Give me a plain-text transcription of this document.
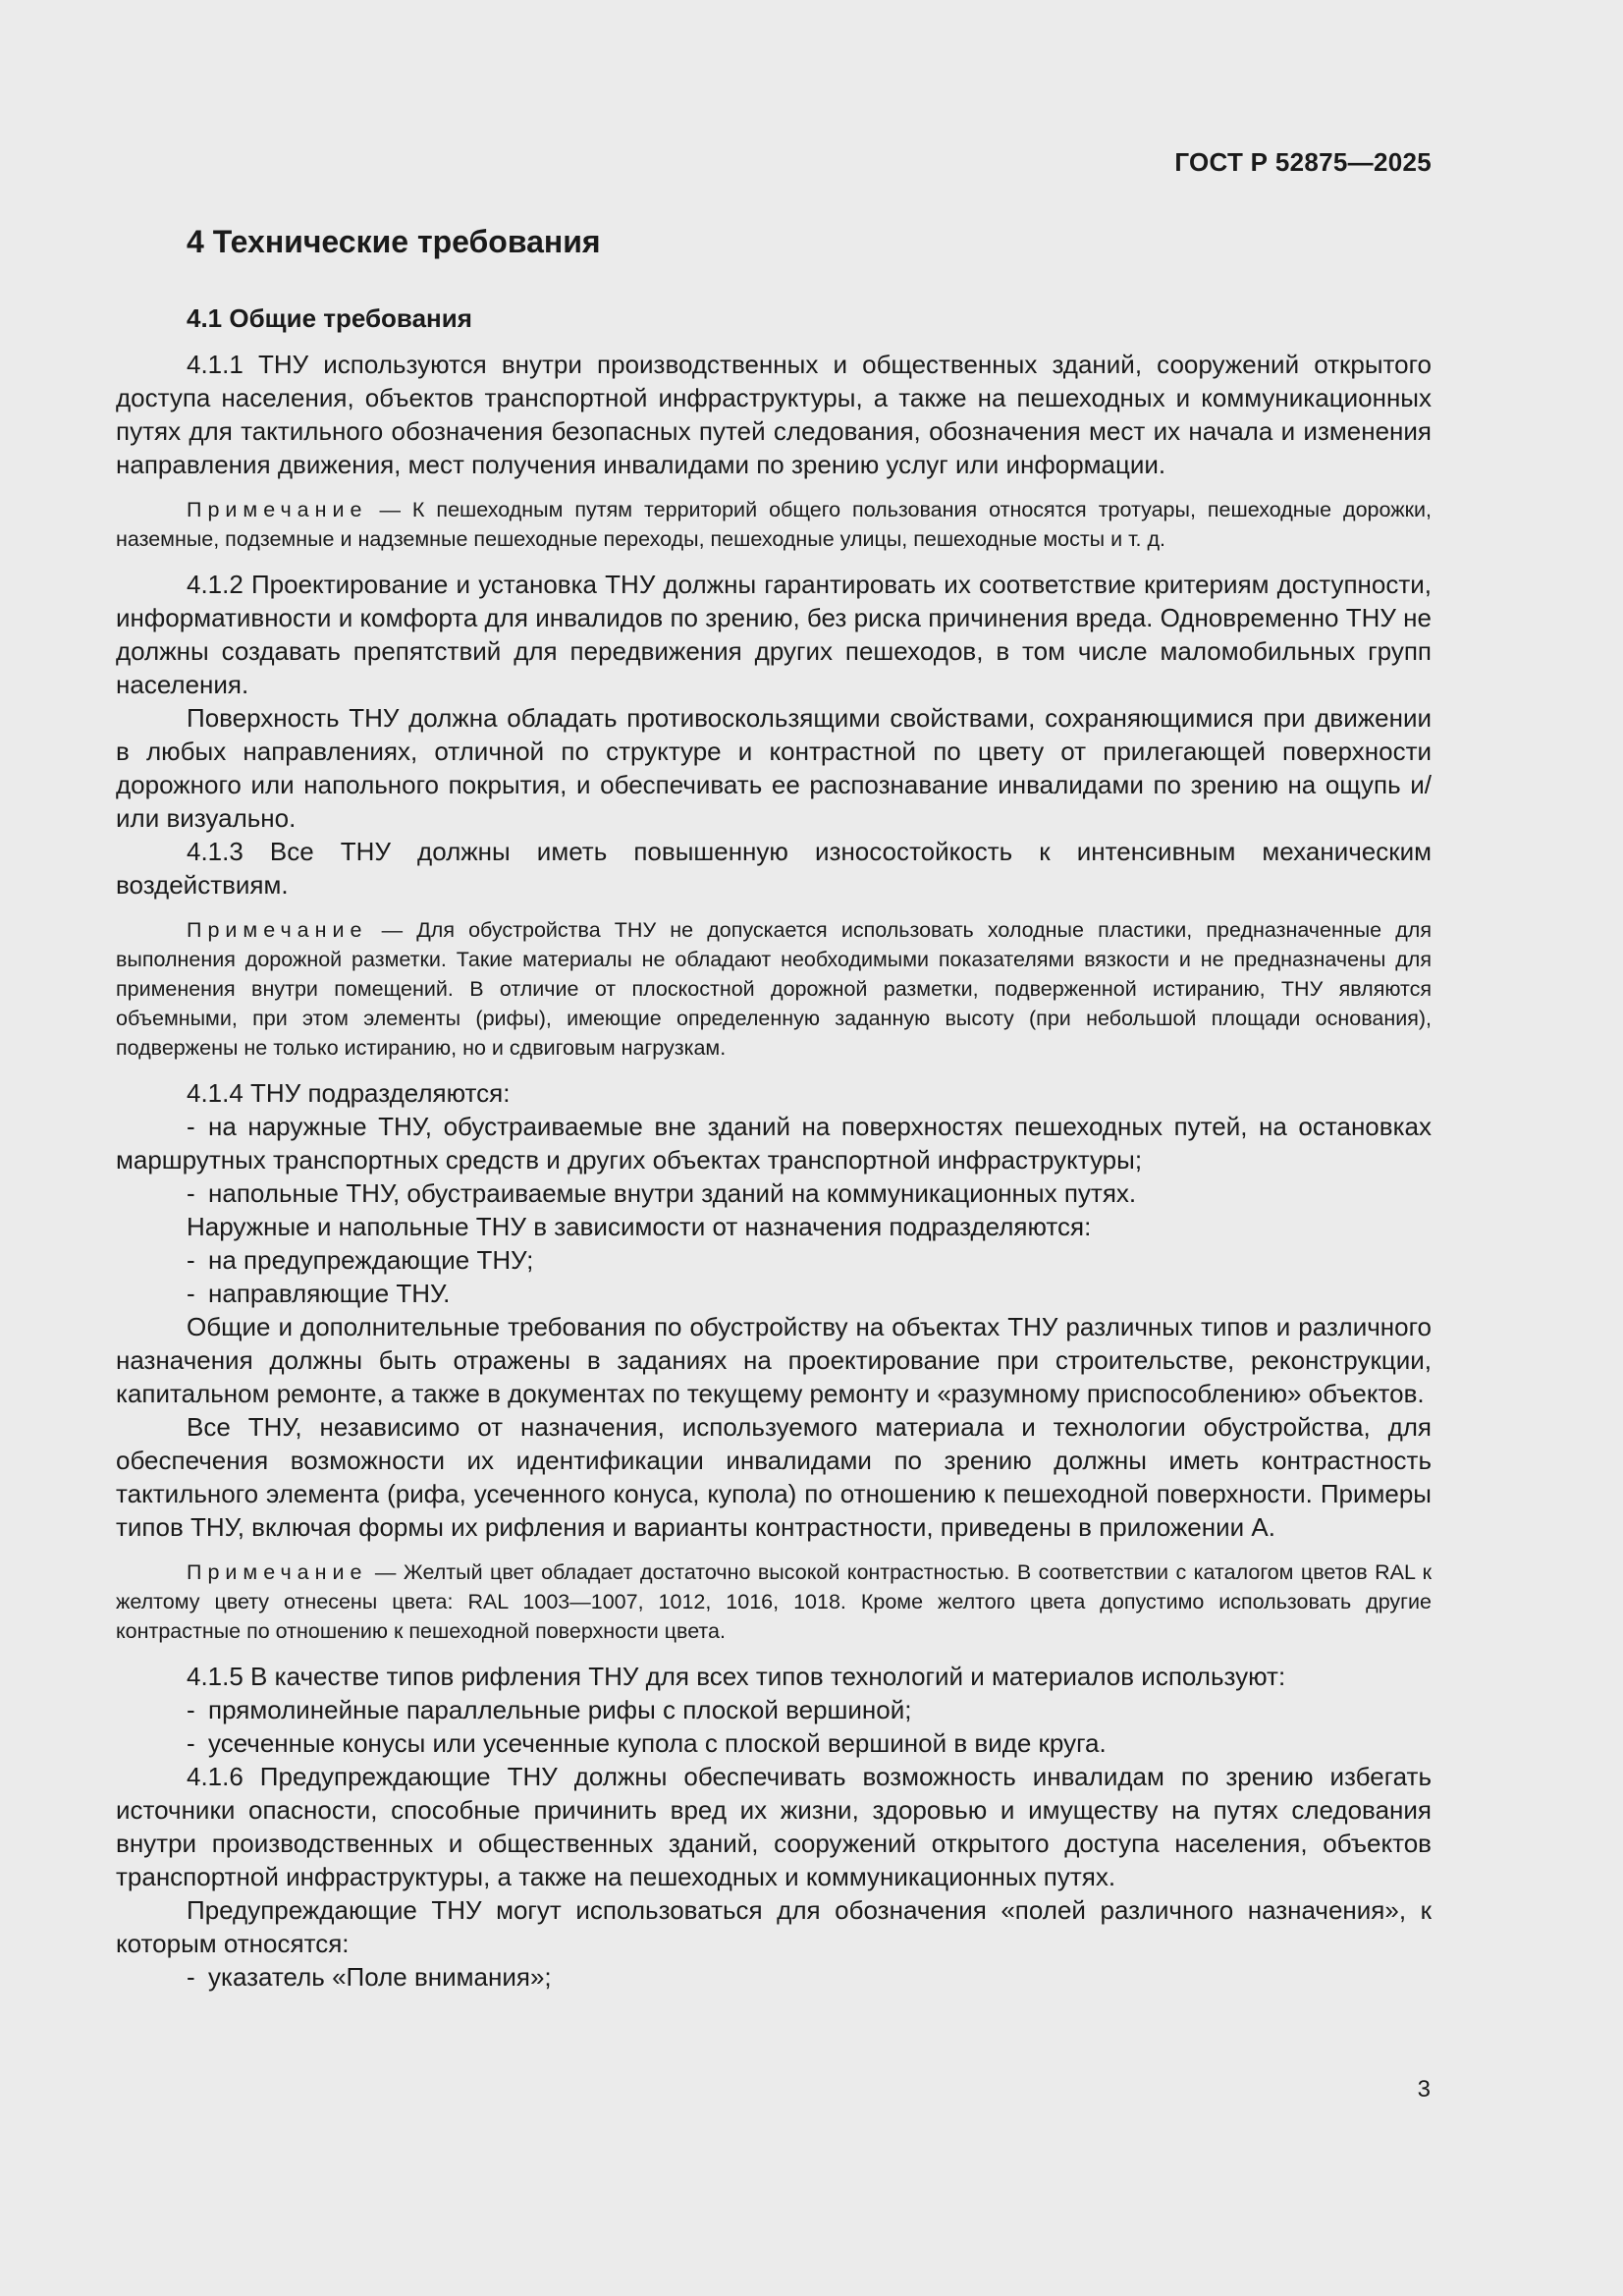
ГОСТ Р 52875—2025
4 Технические требования
4.1 Общие требования

4.1.1 ТНУ используются внутри производственных и общественных зданий, сооружений открытого доступа населения, объектов транспортной инфраструктуры, а также на пешеходных и коммуникационных путях для тактильного обозначения безопасных путей следования, обозначения мест их начала и изменения направления движения, мест получения инвалидами по зрению услуг или информации.

Примечание — К пешеходным путям территорий общего пользования относятся тротуары, пешеходные дорожки, наземные, подземные и надземные пешеходные переходы, пешеходные улицы, пешеходные мосты и т. д.

4.1.2 Проектирование и установка ТНУ должны гарантировать их соответствие критериям доступности, информативности и комфорта для инвалидов по зрению, без риска причинения вреда. Одновременно ТНУ не должны создавать препятствий для передвижения других пешеходов, в том числе маломобильных групп населения.

Поверхность ТНУ должна обладать противоскользящими свойствами, сохраняющимися при движении в любых направлениях, отличной по структуре и контрастной по цвету от прилегающей поверхности дорожного или напольного покрытия, и обеспечивать ее распознавание инвалидами по зрению на ощупь и/или визуально.

4.1.3 Все ТНУ должны иметь повышенную износостойкость к интенсивным механическим воздействиям.

Примечание — Для обустройства ТНУ не допускается использовать холодные пластики, предназначенные для выполнения дорожной разметки. Такие материалы не обладают необходимыми показателями вязкости и не предназначены для применения внутри помещений. В отличие от плоскостной дорожной разметки, подверженной истиранию, ТНУ являются объемными, при этом элементы (рифы), имеющие определенную заданную высоту (при небольшой площади основания), подвержены не только истиранию, но и сдвиговым нагрузкам.

4.1.4 ТНУ подразделяются:

- на наружные ТНУ, обустраиваемые вне зданий на поверхностях пешеходных путей, на остановках маршрутных транспортных средств и других объектах транспортной инфраструктуры;

- напольные ТНУ, обустраиваемые внутри зданий на коммуникационных путях.

Наружные и напольные ТНУ в зависимости от назначения подразделяются:

- на предупреждающие ТНУ;

- направляющие ТНУ.

Общие и дополнительные требования по обустройству на объектах ТНУ различных типов и различного назначения должны быть отражены в заданиях на проектирование при строительстве, реконструкции, капитальном ремонте, а также в документах по текущему ремонту и «разумному приспособлению» объектов.

Все ТНУ, независимо от назначения, используемого материала и технологии обустройства, для обеспечения возможности их идентификации инвалидами по зрению должны иметь контрастность тактильного элемента (рифа, усеченного конуса, купола) по отношению к пешеходной поверхности. Примеры типов ТНУ, включая формы их рифления и варианты контрастности, приведены в приложении А.

Примечание — Желтый цвет обладает достаточно высокой контрастностью. В соответствии с каталогом цветов RAL к желтому цвету отнесены цвета: RAL 1003—1007, 1012, 1016, 1018. Кроме желтого цвета допустимо использовать другие контрастные по отношению к пешеходной поверхности цвета.

4.1.5 В качестве типов рифления ТНУ для всех типов технологий и материалов используют:

- прямолинейные параллельные рифы с плоской вершиной;

- усеченные конусы или усеченные купола с плоской вершиной в виде круга.

4.1.6 Предупреждающие ТНУ должны обеспечивать возможность инвалидам по зрению избегать источники опасности, способные причинить вред их жизни, здоровью и имуществу на путях следования внутри производственных и общественных зданий, сооружений открытого доступа населения, объектов транспортной инфраструктуры, а также на пешеходных и коммуникационных путях.

Предупреждающие ТНУ могут использоваться для обозначения «полей различного назначения», к которым относятся:

- указатель «Поле внимания»;

3
